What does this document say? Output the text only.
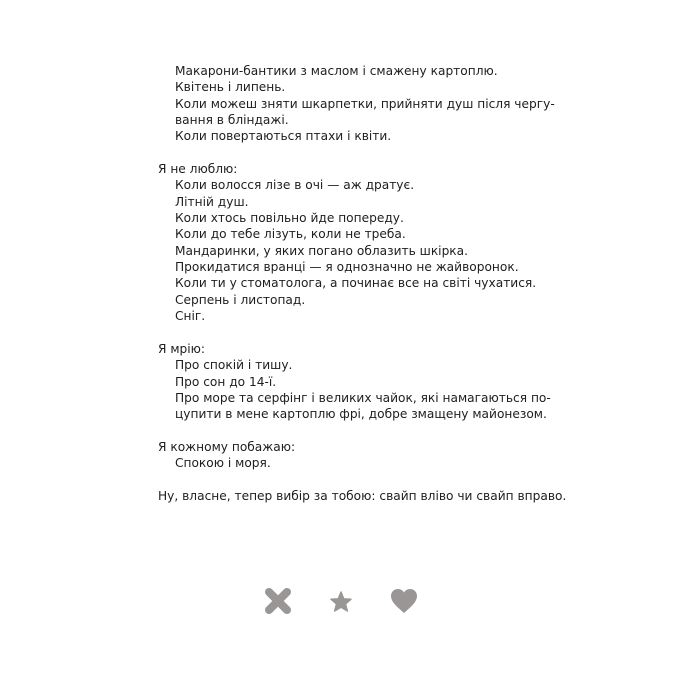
Макарони-бантики з маслом і смажену картоплю.
Квітень і липень.
Коли можеш зняти шкарпетки, прийняти душ після чергу-
вання в бліндажі.
Коли повертаються птахи і квіти.
Я не люблю:
Коли волосся лізе в очі — аж дратує.
Літній душ.
Коли хтось повільно йде попереду.
Коли до тебе лізуть, коли не треба.
Мандаринки, у яких погано облазить шкірка.
Прокидатися вранці — я однозначно не жайворонок.
Коли ти у стоматолога, а починає все на світі чухатися.
Серпень і листопад.
Сніг.
Я мрію:
Про спокій і тишу.
Про сон до 14-ї.
Про море та серфінг і великих чайок, які намагаються по-
цупити в мене картоплю фрі, добре змащену майонезом.
Я кожному побажаю:
Спокою і моря.
Ну, власне, тепер вибір за тобою: свайп вліво чи свайп вправо.
